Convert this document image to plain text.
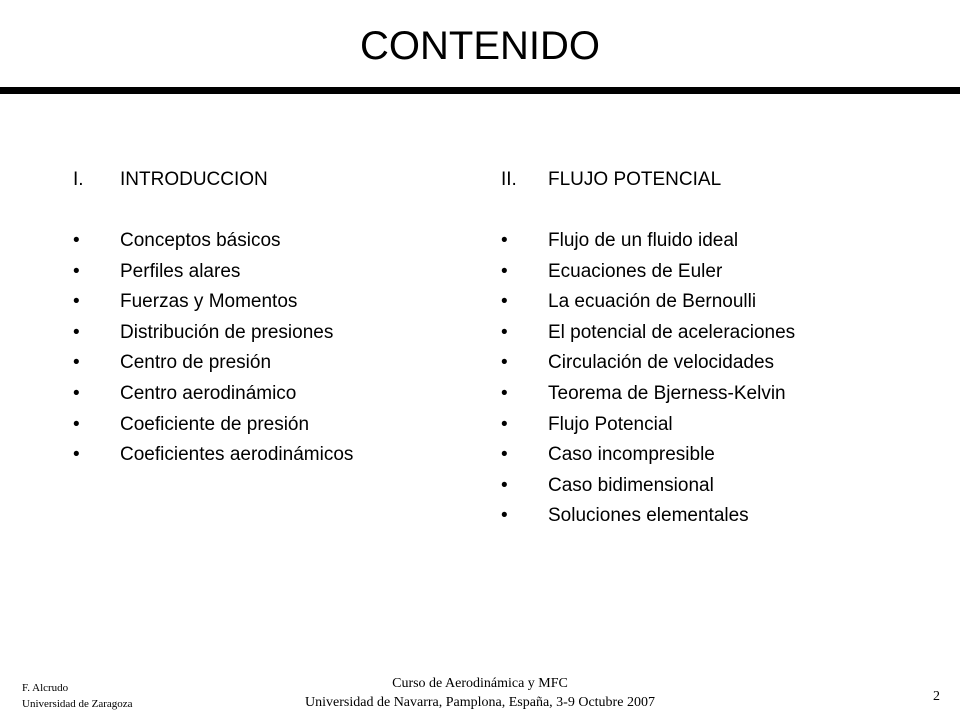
CONTENIDO
I. INTRODUCCION
• Conceptos básicos
• Perfiles alares
• Fuerzas y Momentos
• Distribución de presiones
• Centro de presión
• Centro aerodinámico
• Coeficiente de presión
• Coeficientes aerodinámicos
II. FLUJO POTENCIAL
• Flujo de un fluido ideal
• Ecuaciones de Euler
• La ecuación de Bernoulli
• El potencial de aceleraciones
• Circulación de velocidades
• Teorema de Bjerness-Kelvin
• Flujo Potencial
• Caso incompresible
• Caso bidimensional
• Soluciones elementales
F. Alcrudo
Universidad de Zaragoza
Curso de Aerodinámica y MFC
Universidad de Navarra, Pamplona, España, 3-9 Octubre 2007	2
